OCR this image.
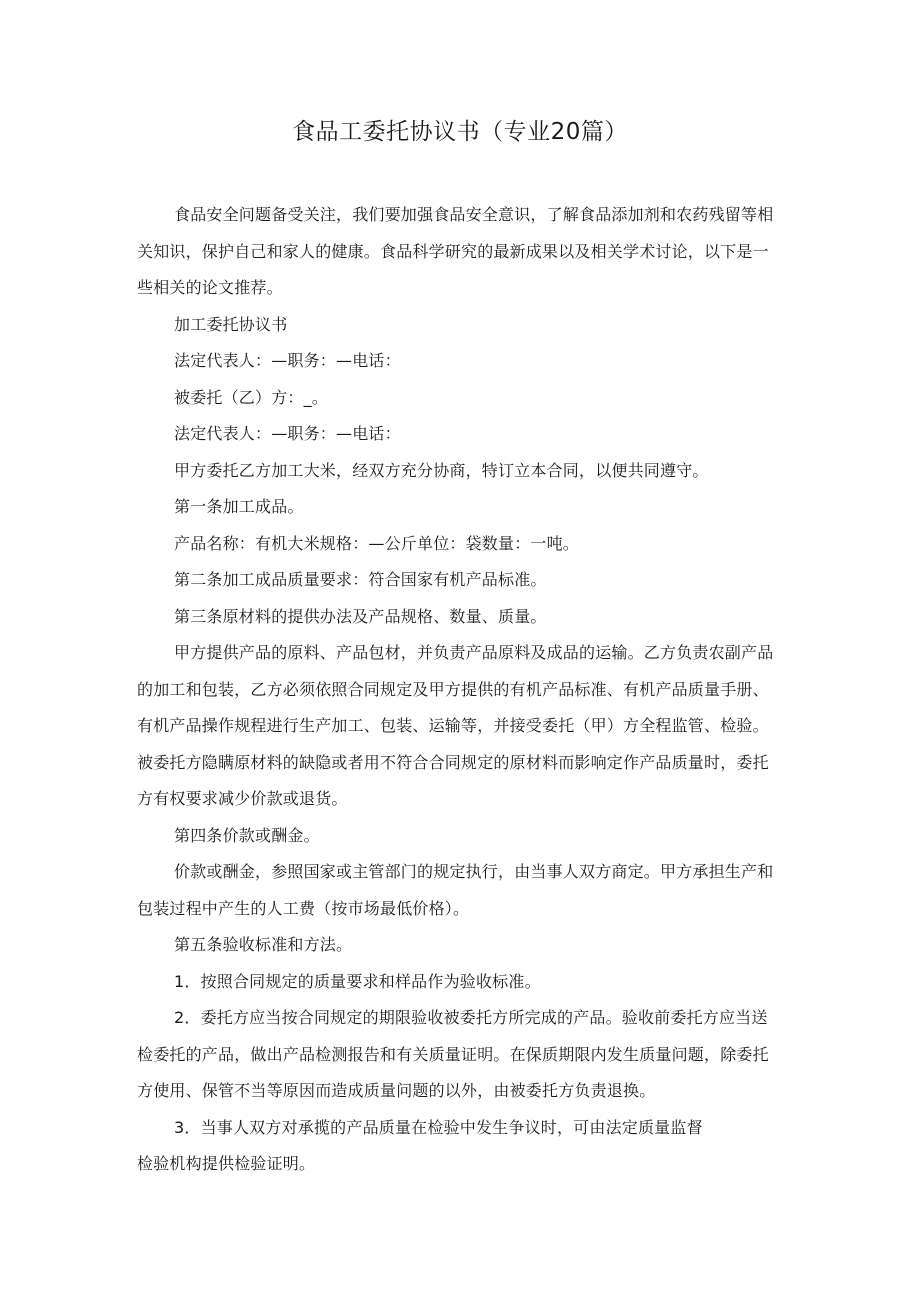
食品工委托协议书（专业20篇）

食品安全问题备受关注，我们要加强食品安全意识，了解食品添加剂和农药残留等相关知识，保护自己和家人的健康。食品科学研究的最新成果以及相关学术讨论，以下是一些相关的论文推荐。

加工委托协议书

法定代表人：—职务：—电话：

被委托（乙）方：_。

法定代表人：—职务：—电话：

甲方委托乙方加工大米，经双方充分协商，特订立本合同，以便共同遵守。

第一条加工成品。

产品名称：有机大米规格：—公斤单位：袋数量：一吨。

第二条加工成品质量要求：符合国家有机产品标准。

第三条原材料的提供办法及产品规格、数量、质量。

甲方提供产品的原料、产品包材，并负责产品原料及成品的运输。乙方负责农副产品的加工和包装，乙方必须依照合同规定及甲方提供的有机产品标准、有机产品质量手册、有机产品操作规程进行生产加工、包装、运输等，并接受委托（甲）方全程监管、检验。被委托方隐瞒原材料的缺隐或者用不符合合同规定的原材料而影响定作产品质量时，委托方有权要求减少价款或退货。

第四条价款或酬金。

价款或酬金，参照国家或主管部门的规定执行，由当事人双方商定。甲方承担生产和包装过程中产生的人工费（按市场最低价格）。

第五条验收标准和方法。

1．按照合同规定的质量要求和样品作为验收标准。

2．委托方应当按合同规定的期限验收被委托方所完成的产品。验收前委托方应当送检委托的产品，做出产品检测报告和有关质量证明。在保质期限内发生质量问题，除委托方使用、保管不当等原因而造成质量问题的以外，由被委托方负责退换。

3．当事人双方对承揽的产品质量在检验中发生争议时，可由法定质量监督

检验机构提供检验证明。
